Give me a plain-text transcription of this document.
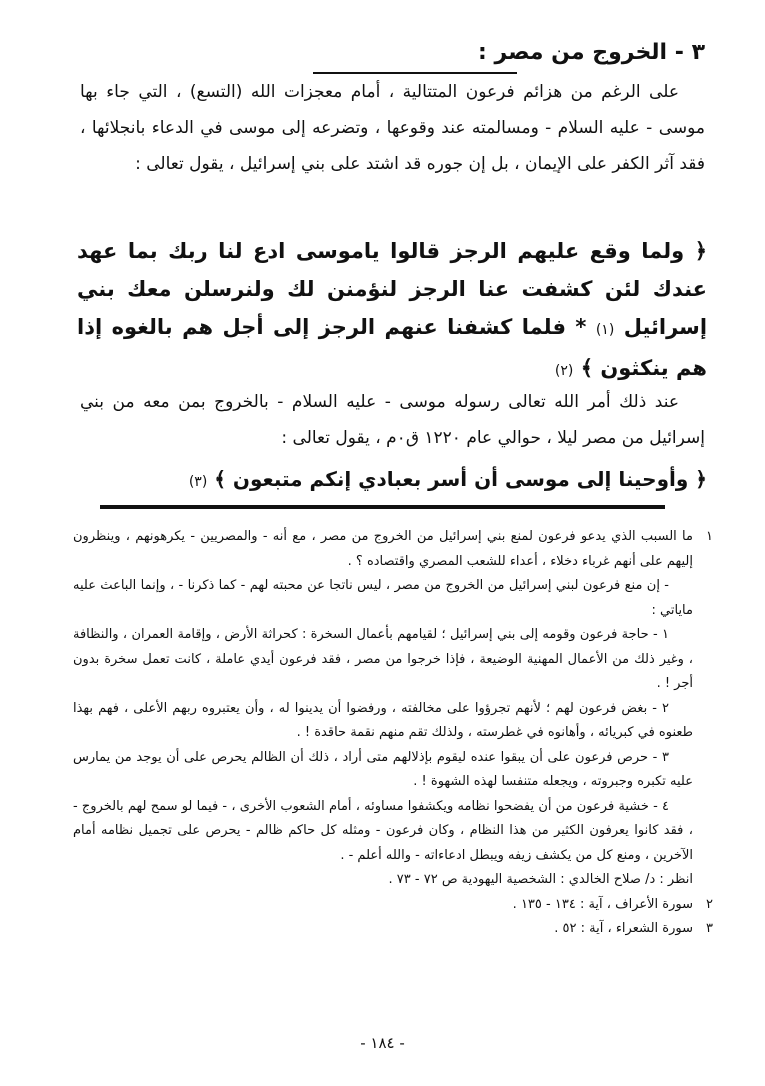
٣ - الخروج من مصر :

على الرغم من هزائم فرعون المتتالية ، أمام معجزات الله (التسع) ، التي جاء بها موسى - عليه السلام - ومسالمته عند وقوعها ، وتضرعه إلى موسى في الدعاء بانجلائها ، فقد آثر الكفر على الإيمان ، بل إن جوره قد اشتد على بني إسرائيل ، يقول تعالى :

﴿ ولما وقع عليهم الرجز قالوا ياموسى ادع لنا ربك بما عهد عندك لئن كشفت عنا الرجز لنؤمنن لك ولنرسلن معك بني إسرائيل (١) * فلما كشفنا عنهم الرجز إلى أجل هم بالغوه إذا هم ينكثون ﴾ (٢)

عند ذلك أمر الله تعالى رسوله موسى - عليه السلام - بالخروج بمن معه من بني إسرائيل من مصر ليلا ، حوالي عام ١٢٢٠ ق٠م ، يقول تعالى :

﴿ وأوحينا إلى موسى أن أسر بعبادي إنكم متبعون ﴾ (٣)
١

ما السبب الذي يدعو فرعون لمنع بني إسرائيل من الخروج من مصر ، مع أنه - والمصريين - يكرهونهم ، وينظرون إليهم على أنهم غرباء دخلاء ، أعداء للشعب المصري واقتصاده ؟ .

- إن منع فرعون لبني إسرائيل من الخروج من مصر ، ليس ناتجا عن محبته لهم - كما ذكرنا - ، وإنما الباعث عليه ماياتي :

١ - حاجة فرعون وقومه إلى بني إسرائيل ؛ لقيامهم بأعمال السخرة : كحراثة الأرض ، وإقامة العمران ، والنظافة ، وغير ذلك من الأعمال المهنية الوضيعة ، فإذا خرجوا من مصر ، فقد فرعون أيدي عاملة ، كانت تعمل سخرة بدون أجر ! .

٢ - بغض فرعون لهم ؛ لأنهم تجرؤوا على مخالفته ، ورفضوا أن يدينوا له ، وأن يعتبروه ربهم الأعلى ، فهم بهذا طعنوه في كبريائه ، وأهانوه في غطرسته ، ولذلك تقم منهم نقمة حاقدة ! .

٣ - حرص فرعون على أن يبقوا عنده ليقوم بإذلالهم متى أراد ، ذلك أن الظالم يحرص على أن يوجد من يمارس عليه تكبره وجبروته ، ويجعله متنفسا لهذه الشهوة ! .

٤ - خشية فرعون من أن يفضحوا نظامه ويكشفوا مساوئه ، أمام الشعوب الأخرى ، - فيما لو سمح لهم بالخروج - ، فقد كانوا يعرفون الكثير من هذا النظام ، وكان فرعون - ومثله كل حاكم ظالم - يحرص على تجميل نظامه أمام الآخرين ، ومنع كل من يكشف زيفه ويبطل ادعاءاته - والله أعلم - .

انظر : د/ صلاح الخالدي : الشخصية اليهودية ص ٧٢ - ٧٣ .

٢
سورة الأعراف ، آية : ١٣٤ - ١٣٥ .
٣
سورة الشعراء ، آية : ٥٢ .
- ١٨٤ -
